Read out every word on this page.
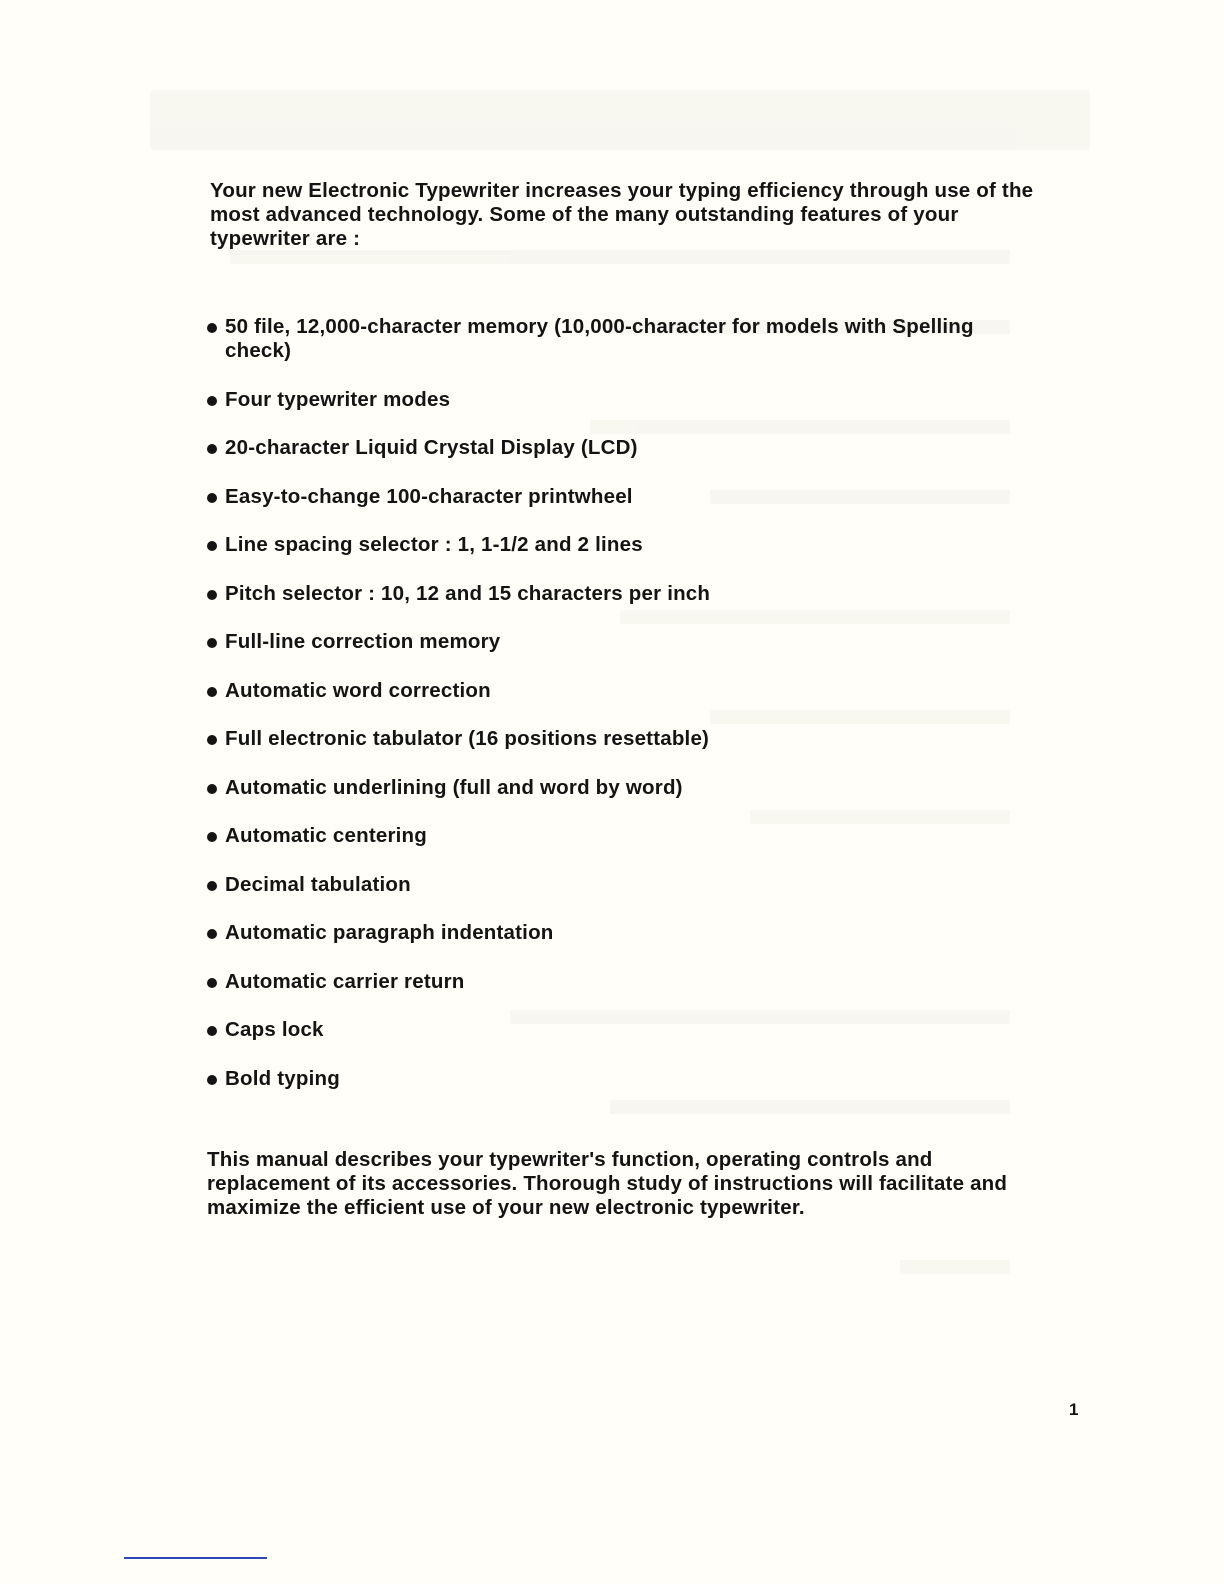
Your new Electronic Typewriter increases your typing efficiency through use of the most advanced technology. Some of the many outstanding features of your typewriter are :

50 file, 12,000-character memory (10,000-character for models with Spelling check)
Four typewriter modes
20-character Liquid Crystal Display (LCD)
Easy-to-change 100-character printwheel
Line spacing selector : 1, 1-1/2 and 2 lines
Pitch selector : 10, 12 and 15 characters per inch
Full-line correction memory
Automatic word correction
Full electronic tabulator (16 positions resettable)
Automatic underlining (full and word by word)
Automatic centering
Decimal tabulation
Automatic paragraph indentation
Automatic carrier return
Caps lock
Bold typing

This manual describes your typewriter's function, operating controls and replacement of its accessories. Thorough study of instructions will facilitate and maximize the efficient use of your new electronic typewriter.

1
